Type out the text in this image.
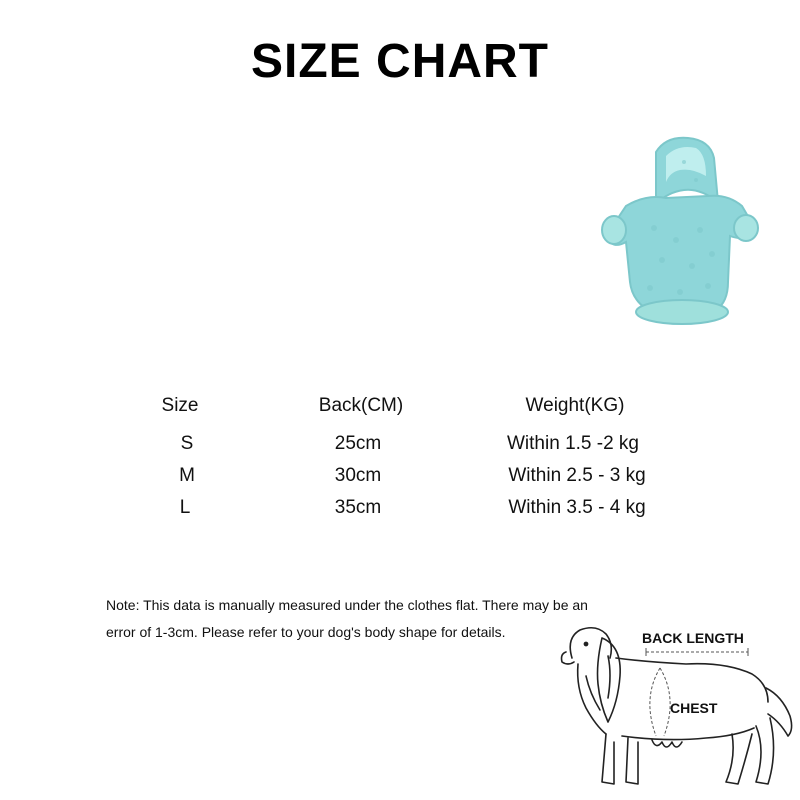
SIZE CHART
Size	Back(CM)	Weight(KG)
S	25cm	Within 1.5 -2 kg
M	30cm	Within 2.5 - 3 kg
L	35cm	Within 3.5 - 4 kg
Note: This data is manually measured under the clothes flat. There may be an
error of 1-3cm. Please refer to your dog's body shape for details.	BACK LENGTH
CHEST
